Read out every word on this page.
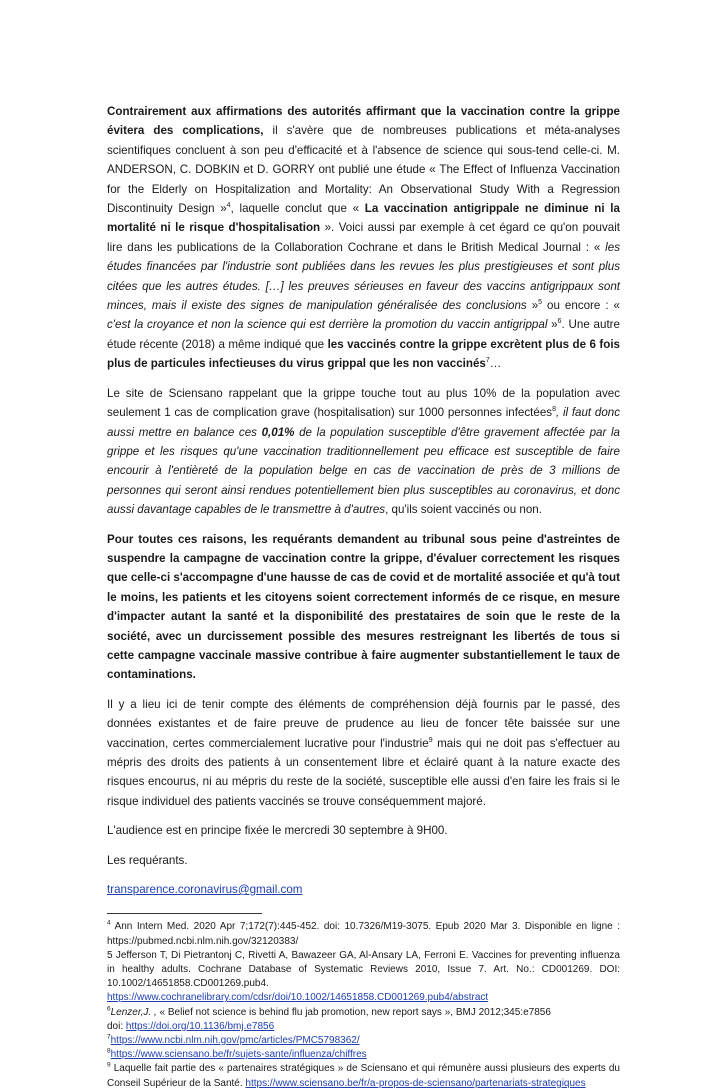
Contrairement aux affirmations des autorités affirmant que la vaccination contre la grippe évitera des complications, il s'avère que de nombreuses publications et méta-analyses scientifiques concluent à son peu d'efficacité et à l'absence de science qui sous-tend celle-ci. M. ANDERSON, C. DOBKIN et D. GORRY ont publié une étude « The Effect of Influenza Vaccination for the Elderly on Hospitalization and Mortality: An Observational Study With a Regression Discontinuity Design »$^4$, laquelle conclut que « La vaccination antigrippale ne diminue ni la mortalité ni le risque d'hospitalisation ». Voici aussi par exemple à cet égard ce qu'on pouvait lire dans les publications de la Collaboration Cochrane et dans le British Medical Journal : « les études financées par l'industrie sont publiées dans les revues les plus prestigieuses et sont plus citées que les autres études. […] les preuves sérieuses en faveur des vaccins antigrippaux sont minces, mais il existe des signes de manipulation généralisée des conclusions »$^5$ ou encore : « c'est la croyance et non la science qui est derrière la promotion du vaccin antigrippal »$^6$. Une autre étude récente (2018) a même indiqué que les vaccinés contre la grippe excrètent plus de 6 fois plus de particules infectieuses du virus grippal que les non vaccinés$^7$…

Le site de Sciensano rappelant que la grippe touche tout au plus 10% de la population avec seulement 1 cas de complication grave (hospitalisation) sur 1000 personnes infectées$^8$, il faut donc aussi mettre en balance ces 0,01% de la population susceptible d'être gravement affectée par la grippe et les risques qu'une vaccination traditionnellement peu efficace est susceptible de faire encourir à l'entièreté de la population belge en cas de vaccination de près de 3 millions de personnes qui seront ainsi rendues potentiellement bien plus susceptibles au coronavirus, et donc aussi davantage capables de le transmettre à d'autres, qu'ils soient vaccinés ou non.

Pour toutes ces raisons, les requérants demandent au tribunal sous peine d'astreintes de suspendre la campagne de vaccination contre la grippe, d'évaluer correctement les risques que celle-ci s'accompagne d'une hausse de cas de covid et de mortalité associée et qu'à tout le moins, les patients et les citoyens soient correctement informés de ce risque, en mesure d'impacter autant la santé et la disponibilité des prestataires de soin que le reste de la société, avec un durcissement possible des mesures restreignant les libertés de tous si cette campagne vaccinale massive contribue à faire augmenter substantiellement le taux de contaminations.

Il y a lieu ici de tenir compte des éléments de compréhension déjà fournis par le passé, des données existantes et de faire preuve de prudence au lieu de foncer tête baissée sur une vaccination, certes commercialement lucrative pour l'industrie$^9$ mais qui ne doit pas s'effectuer au mépris des droits des patients à un consentement libre et éclairé quant à la nature exacte des risques encourus, ni au mépris du reste de la société, susceptible elle aussi d'en faire les frais si le risque individuel des patients vaccinés se trouve conséquemment majoré.

L'audience est en principe fixée le mercredi 30 septembre à 9H00.

Les requérants.

transparence.coronavirus@gmail.com

$^4$ Ann Intern Med. 2020 Apr 7;172(7):445-452. doi: 10.7326/M19-3075. Epub 2020 Mar 3. Disponible en ligne : https://pubmed.ncbi.nlm.nih.gov/32120383/
5 Jefferson T, Di Pietrantonj C, Rivetti A, Bawazeer GA, Al-Ansary LA, Ferroni E. Vaccines for preventing influenza in healthy adults. Cochrane Database of Systematic Reviews 2010, Issue 7. Art. No.: CD001269. DOI: 10.1002/14651858.CD001269.pub4.
https://www.cochranelibrary.com/cdsr/doi/10.1002/14651858.CD001269.pub4/abstract
$^6$Lenzer,J. , « Belief not science is behind flu jab promotion, new report says », BMJ 2012;345:e7856
doi: https://doi.org/10.1136/bmj.e7856
$^7$https://www.ncbi.nlm.nih.gov/pmc/articles/PMC5798362/
$^8$https://www.sciensano.be/fr/sujets-sante/influenza/chiffres
$^9$ Laquelle fait partie des « partenaires stratégiques » de Sciensano et qui rémunère aussi plusieurs des experts du Conseil Supérieur de la Santé. https://www.sciensano.be/fr/a-propos-de-sciensano/partenariats-strategiques
